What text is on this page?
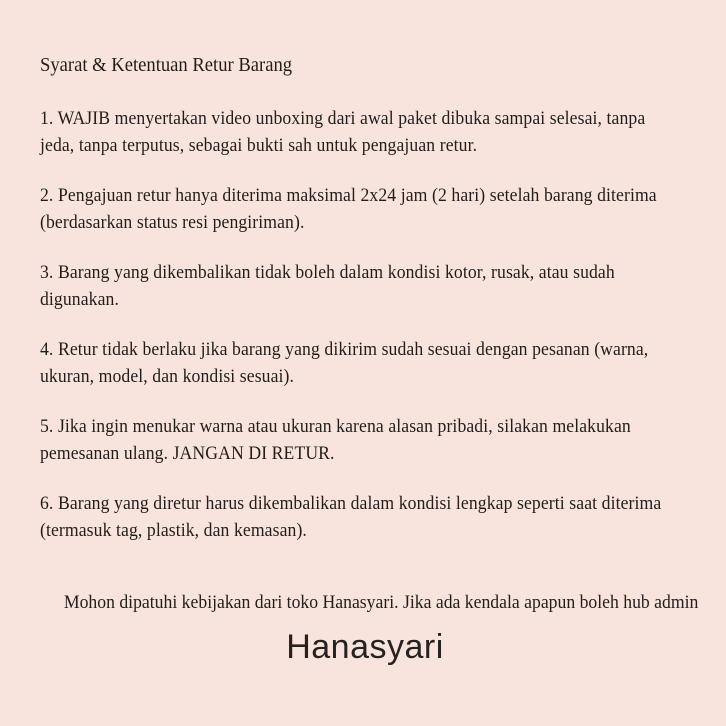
Syarat & Ketentuan Retur Barang
1. WAJIB menyertakan video unboxing dari awal paket dibuka sampai selesai, tanpa
jeda, tanpa terputus, sebagai bukti sah untuk pengajuan retur.
2. Pengajuan retur hanya diterima maksimal 2x24 jam (2 hari) setelah barang diterima
(berdasarkan status resi pengiriman).
3. Barang yang dikembalikan tidak boleh dalam kondisi kotor, rusak, atau sudah
digunakan.
4. Retur tidak berlaku jika barang yang dikirim sudah sesuai dengan pesanan (warna,
ukuran, model, dan kondisi sesuai).
5. Jika ingin menukar warna atau ukuran karena alasan pribadi, silakan melakukan
pemesanan ulang. JANGAN DI RETUR.
6. Barang yang diretur harus dikembalikan dalam kondisi lengkap seperti saat diterima
(termasuk tag, plastik, dan kemasan).
Mohon dipatuhi kebijakan dari toko Hanasyari. Jika ada kendala apapun boleh hub admin
Hanasyari
